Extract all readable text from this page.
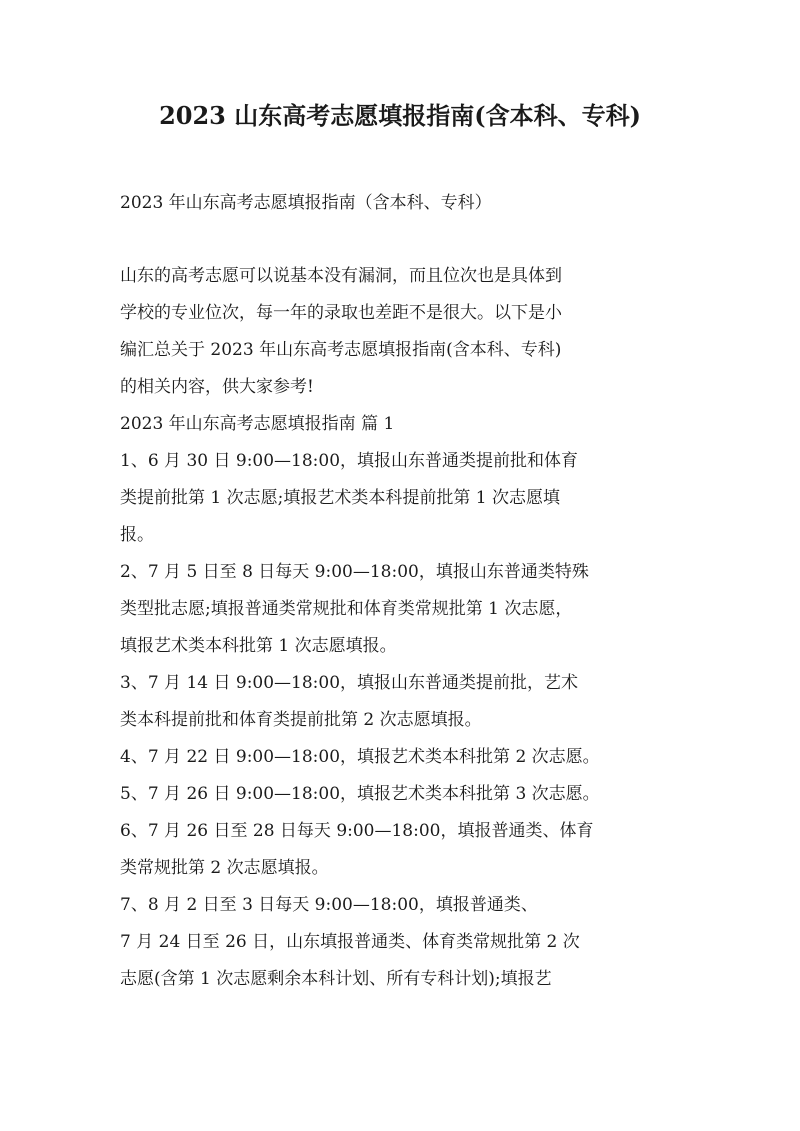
2023 山东高考志愿填报指南(含本科、专科)
2023 年山东高考志愿填报指南（含本科、专科）
山东的高考志愿可以说基本没有漏洞，而且位次也是具体到
学校的专业位次，每一年的录取也差距不是很大。以下是小
编汇总关于 2023 年山东高考志愿填报指南(含本科、专科)
的相关内容，供大家参考!
2023 年山东高考志愿填报指南 篇 1
1、6 月 30 日 9:00—18:00，填报山东普通类提前批和体育
类提前批第 1 次志愿;填报艺术类本科提前批第 1 次志愿填
报。
2、7 月 5 日至 8 日每天 9:00—18:00，填报山东普通类特殊
类型批志愿;填报普通类常规批和体育类常规批第 1 次志愿，
填报艺术类本科批第 1 次志愿填报。
3、7 月 14 日 9:00—18:00，填报山东普通类提前批，艺术
类本科提前批和体育类提前批第 2 次志愿填报。
4、7 月 22 日 9:00—18:00，填报艺术类本科批第 2 次志愿。
5、7 月 26 日 9:00—18:00，填报艺术类本科批第 3 次志愿。
6、7 月 26 日至 28 日每天 9:00—18:00，填报普通类、体育
类常规批第 2 次志愿填报。
7、8 月 2 日至 3 日每天 9:00—18:00，填报普通类、
7 月 24 日至 26 日，山东填报普通类、体育类常规批第 2 次
志愿(含第 1 次志愿剩余本科计划、所有专科计划);填报艺
